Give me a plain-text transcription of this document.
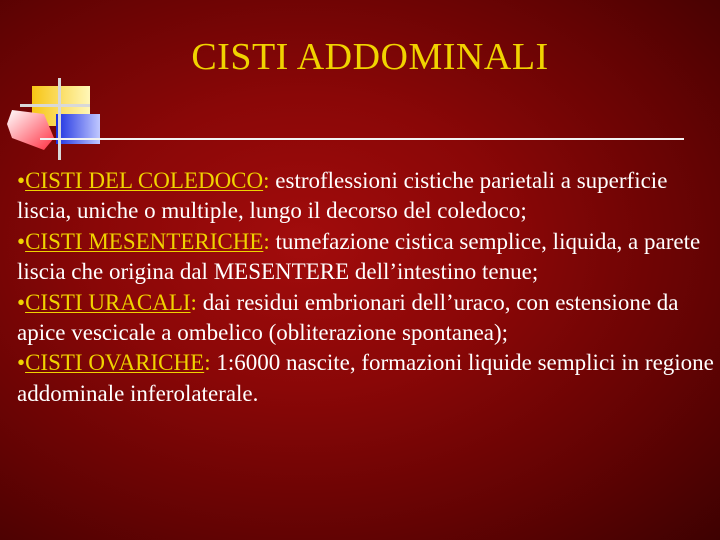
CISTI ADDOMINALI
•CISTI DEL COLEDOCO: estroflessioni cistiche parietali a superficie liscia, uniche o multiple, lungo il decorso del coledoco;
•CISTI MESENTERICHE: tumefazione cistica semplice, liquida, a parete liscia che origina dal MESENTERE dell’intestino tenue;
•CISTI URACALI: dai residui embrionari dell’uraco, con estensione da apice vescicale a ombelico (obliterazione spontanea);
•CISTI OVARICHE: 1:6000 nascite, formazioni liquide semplici in regione addominale inferolaterale.
